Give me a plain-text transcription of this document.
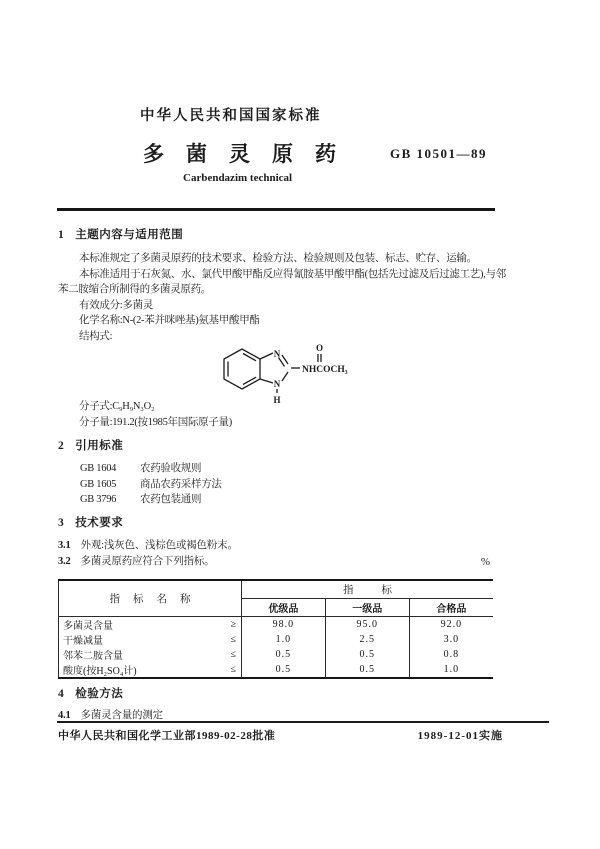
中华人民共和国国家标准
多菌灵原药 GB 10501—89
Carbendazim technical
1 主题内容与适用范围
本标准规定了多菌灵原药的技术要求、检验方法、检验规则及包装、标志、贮存、运输。
本标准适用于石灰氮、水、氯代甲酸甲酯反应得氰胺基甲酸甲酯(包括先过滤及后过滤工艺),与邻
苯二胺缩合所制得的多菌灵原药。
有效成分:多菌灵
化学名称:N-(2-苯并咪唑基)氨基甲酸甲酯
结构式:
N
N
H
O
NHCOCH₃
分子式:C₉H₉N₃O₂
分子量:191.2(按1985年国际原子量)
2 引用标准
GB 1604 农药验收规则
GB 1605 商品农药采样方法
GB 3796 农药包装通则
3 技术要求
3.1 外观:浅灰色、浅棕色或褐色粉末。
3.2 多菌灵原药应符合下列指标。	%
指标名称	指标		
	优级品	一级品	合格品

多菌灵含量 ≥	98.0	95.0	92.0

干燥减量 ≤	1.0	2.5	3.0

邻苯二胺含量 ≤	0.5	0.5	0.8

酸度(按H₂SO₄计) ≤	0.5	0.5	1.0
4 检验方法
4.1 多菌灵含量的测定
中华人民共和国化学工业部1989-02-28批准	1989-12-01实施
